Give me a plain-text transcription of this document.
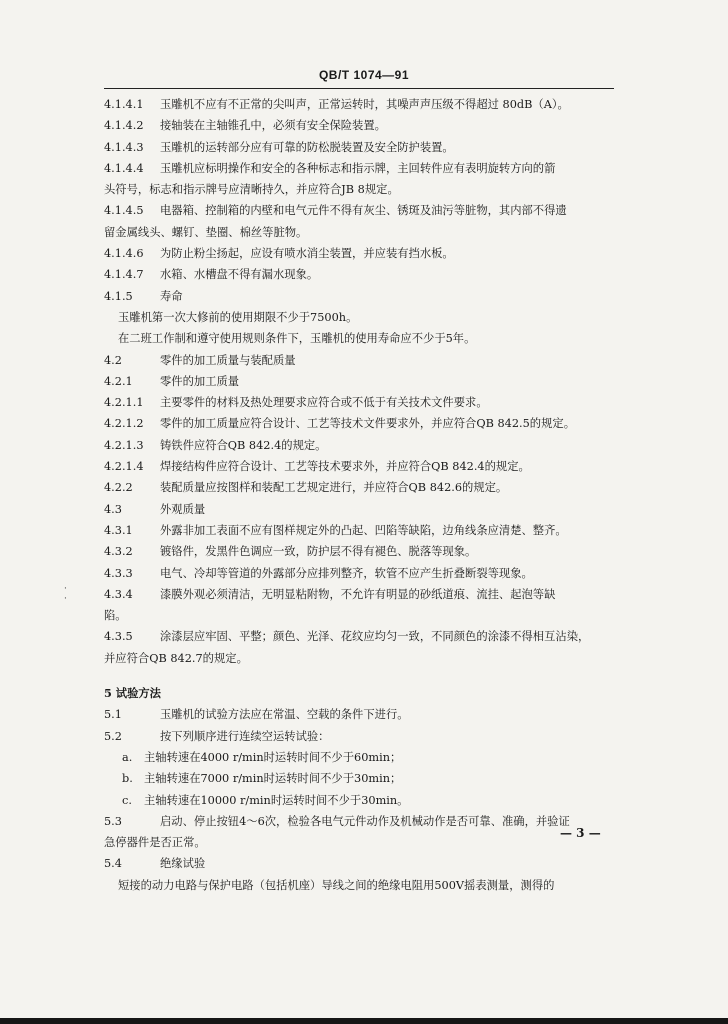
QB/T 1074—91
4.1.4.1 玉雕机不应有不正常的尖叫声，正常运转时，其噪声声压级不得超过 80dB（A）。
4.1.4.2 接轴装在主轴锥孔中，必须有安全保险装置。
4.1.4.3 玉雕机的运转部分应有可靠的防松脱装置及安全防护装置。
4.1.4.4 玉雕机应标明操作和安全的各种标志和指示牌，主回转件应有表明旋转方向的箭
头符号，标志和指示牌号应清晰持久，并应符合JB 8规定。
4.1.4.5 电器箱、控制箱的内壁和电气元件不得有灰尘、锈斑及油污等脏物，其内部不得遗
留金属线头、螺钉、垫圈、棉丝等脏物。
4.1.4.6 为防止粉尘扬起，应设有喷水消尘装置，并应装有挡水板。
4.1.4.7 水箱、水槽盘不得有漏水现象。
4.1.5 寿命
玉雕机第一次大修前的使用期限不少于7500h。
在二班工作制和遵守使用规则条件下，玉雕机的使用寿命应不少于5年。
4.2	零件的加工质量与装配质量
4.2.1 零件的加工质量
4.2.1.1 主要零件的材料及热处理要求应符合或不低于有关技术文件要求。
4.2.1.2 零件的加工质量应符合设计、工艺等技术文件要求外，并应符合QB 842.5的规定。
4.2.1.3 铸铁件应符合QB 842.4的规定。
4.2.1.4 焊接结构件应符合设计、工艺等技术要求外，并应符合QB 842.4的规定。
4.2.2 装配质量应按图样和装配工艺规定进行，并应符合QB 842.6的规定。
4.3	外观质量
4.3.1 外露非加工表面不应有图样规定外的凸起、凹陷等缺陷，边角线条应清楚、整齐。
4.3.2 镀铬件，发黑件色调应一致，防护层不得有褪色、脱落等现象。
4.3.3 电气、冷却等管道的外露部分应排列整齐，软管不应产生折叠断裂等现象。
4.3.4 漆膜外观必须清洁，无明显粘附物，不允许有明显的砂纸道痕、流挂、起泡等缺
陷。
4.3.5 涂漆层应牢固、平整；颜色、光泽、花纹应均匀一致，不同颜色的涂漆不得相互沾染，
并应符合QB 842.7的规定。
5 试验方法
5.1	玉雕机的试验方法应在常温、空载的条件下进行。
5.2	按下列顺序进行连续空运转试验：
a. 主轴转速在4000 r/min时运转时间不少于60min；
b. 主轴转速在7000 r/min时运转时间不少于30min；
c. 主轴转速在10000 r/min时运转时间不少于30min。
5.3	启动、停止按钮4～6次，检验各电气元件动作及机械动作是否可靠、准确，并验证
急停器件是否正常。
5.4	绝缘试验
短接的动力电路与保护电路（包括机座）导线之间的绝缘电阻用500V摇表测量，测得的
·
·
— 3 —
